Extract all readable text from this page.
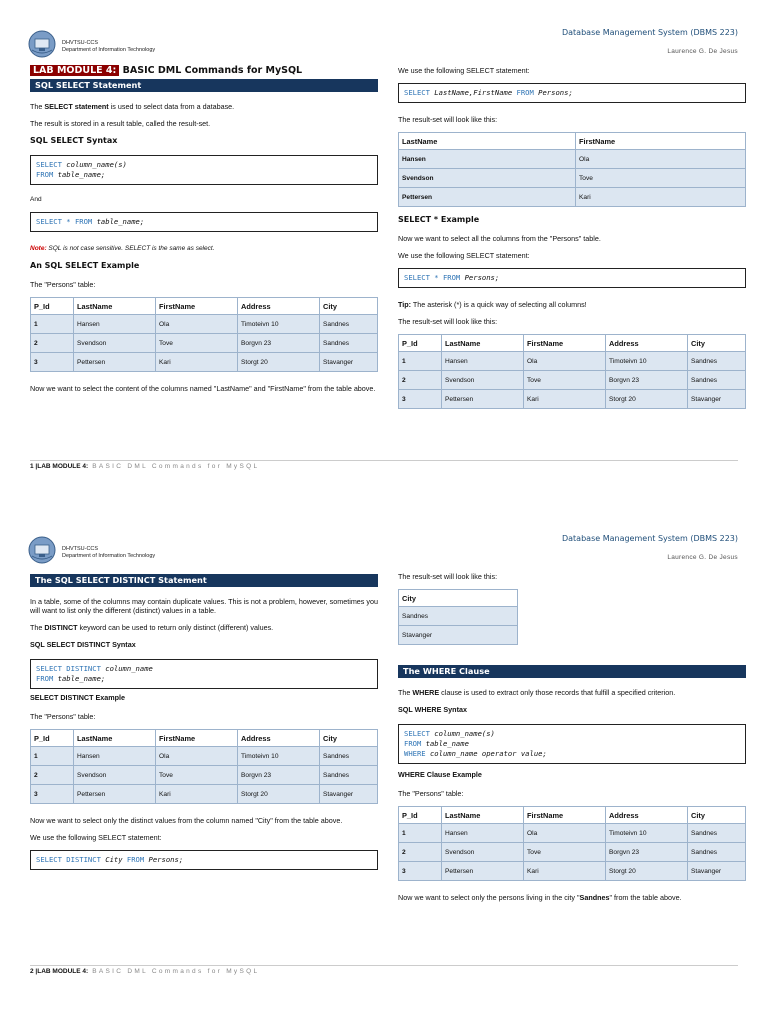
DHVTSU-CCS
Department of Information Technology
Database Management System (DBMS 223)
Laurence G. De Jesus
LAB MODULE 4: BASIC DML Commands for MySQL
SQL SELECT Statement

The SELECT statement is used to select data from a database.

The result is stored in a result table, called the result-set.

SQL SELECT Syntax
SELECT column_name(s)
FROM table_name;

And

SELECT * FROM table_name;

Note: SQL is not case sensitive. SELECT is the same as select.

An SQL SELECT Example

The "Persons" table:

P_Id	LastName	FirstName	Address	City
1	Hansen	Ola	Timoteivn 10	Sandnes
2	Svendson	Tove	Borgvn 23	Sandnes
3	Pettersen	Kari	Storgt 20	Stavanger

Now we want to select the content of the columns named "LastName" and "FirstName" from the table above.

We use the following SELECT statement:

SELECT LastName,FirstName FROM Persons;

The result-set will look like this:

LastName	FirstName
Hansen	Ola
Svendson	Tove
Pettersen	Kari
SELECT * Example

Now we want to select all the columns from the "Persons" table.

We use the following SELECT statement:

SELECT * FROM Persons;

Tip: The asterisk (*) is a quick way of selecting all columns!

The result-set will look like this:

P_Id	LastName	FirstName	Address	City
1	Hansen	Ola	Timoteivn 10	Sandnes
2	Svendson	Tove	Borgvn 23	Sandnes
3	Pettersen	Kari	Storgt 20	Stavanger
1 |LAB MODULE 4: BASIC DML Commands for MySQL
DHVTSU-CCS
Department of Information Technology
Database Management System (DBMS 223)
Laurence G. De Jesus
The SQL SELECT DISTINCT Statement

In a table, some of the columns may contain duplicate values. This is not a problem, however, sometimes you will want to list only the different (distinct) values in a table.

The DISTINCT keyword can be used to return only distinct (different) values.

SQL SELECT DISTINCT Syntax
SELECT DISTINCT column_name
FROM table_name;
SELECT DISTINCT Example

The "Persons" table:

P_Id	LastName	FirstName	Address	City
1	Hansen	Ola	Timoteivn 10	Sandnes
2	Svendson	Tove	Borgvn 23	Sandnes
3	Pettersen	Kari	Storgt 20	Stavanger

Now we want to select only the distinct values from the column named "City" from the table above.

We use the following SELECT statement:

SELECT DISTINCT City FROM Persons;

The result-set will look like this:

City
Sandnes
Stavanger
The WHERE Clause

The WHERE clause is used to extract only those records that fulfill a specified criterion.

SQL WHERE Syntax
SELECT column_name(s)
FROM table_name
WHERE column_name operator value;
WHERE Clause Example

The "Persons" table:

P_Id	LastName	FirstName	Address	City
1	Hansen	Ola	Timoteivn 10	Sandnes
2	Svendson	Tove	Borgvn 23	Sandnes
3	Pettersen	Kari	Storgt 20	Stavanger

Now we want to select only the persons living in the city "Sandnes" from the table above.

2 |LAB MODULE 4: BASIC DML Commands for MySQL
